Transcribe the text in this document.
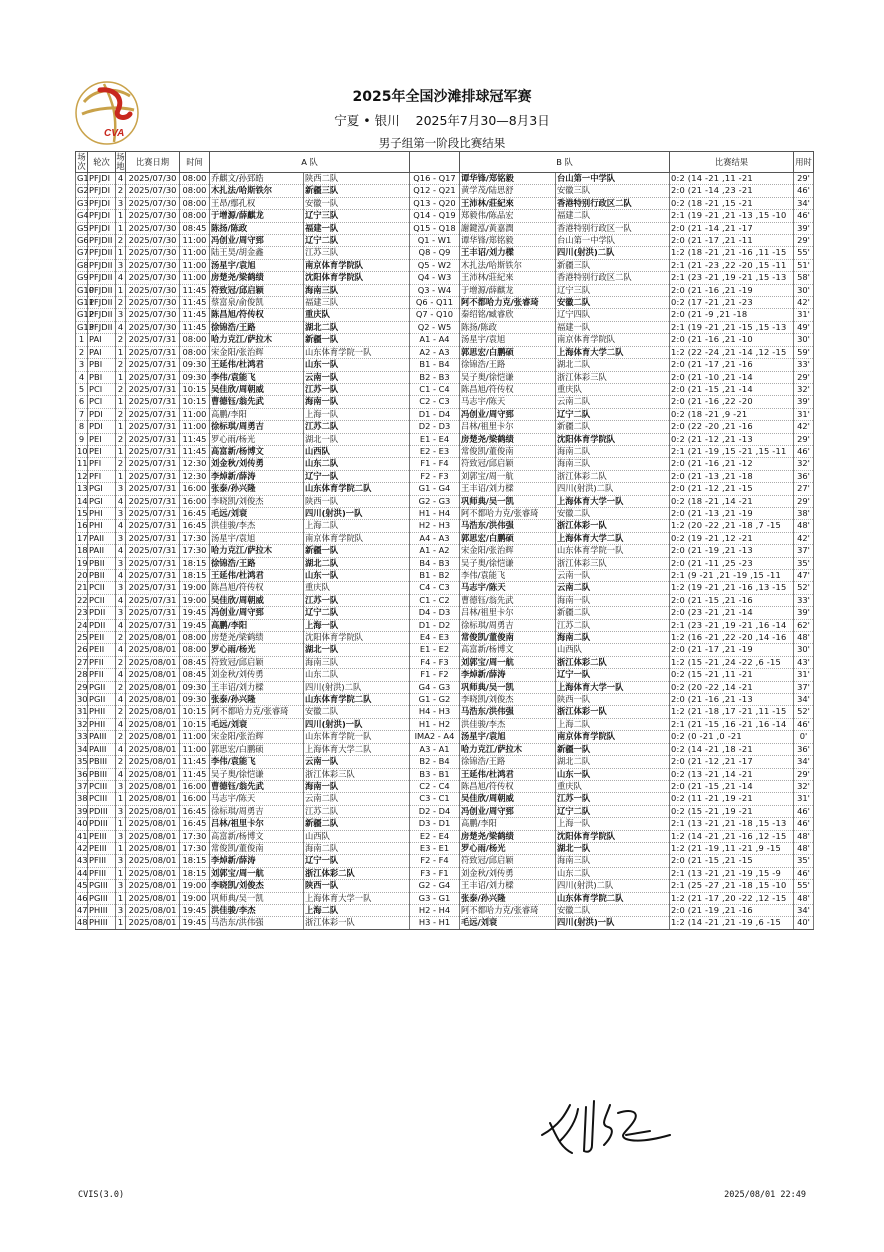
CVA
2025年全国沙滩排球冠军赛
宁夏 • 银川 2025年7月30—8月3日
男子组第一阶段比赛结果
场次	轮次	场地	比赛日期	时间	A 队			B 队		比赛结果	用时
G1	PFJDI	4	2025/07/30	08:00	乔麒文/孙郅皓	陕西二队	Q16 - Q17	谭华锋/郑铭毅	台山第一中学队	0:2 (14 -21 ,11 -21	29'
G2	PFJDI	2	2025/07/30	08:00	木扎法/哈斯铁尔	新疆三队	Q12 - Q21	黄学茂/陆思舒	安徽三队	2:0 (21 -14 ,23 -21	46'
G3	PFJDI	3	2025/07/30	08:00	王昂/鄢孔权	安徽一队	Q13 - Q20	王沛林/莊紀來	香港特别行政区二队	0:2 (18 -21 ,15 -21	34'
G4	PFJDI	1	2025/07/30	08:00	于增源/薛麒龙	辽宁三队	Q14 - Q19	郑毅伟/陈品宏	福建二队	2:1 (19 -21 ,21 -13 ,15 -10	46'
G5	PFJDI	1	2025/07/30	08:45	陈扬/陈政	福建一队	Q15 - Q18	謝鍵泓/黃嘉潤	香港特别行政区一队	2:0 (21 -14 ,21 -17	39'
G6	PFJDII	2	2025/07/30	11:00	冯创业/周守郅	辽宁二队	Q1 - W1	谭华锋/郑铭毅	台山第一中学队	2:0 (21 -17 ,21 -11	29'
G7	PFJDII	1	2025/07/30	11:00	陆王昊/胡金鑫	江苏三队	Q8 - Q9	王丰诏/刘力樑	四川(射洪)二队	1:2 (18 -21 ,21 -16 ,11 -15	55'
G8	PFJDII	3	2025/07/30	11:00	汤星宇/袁旭	南京体育学院队	Q5 - W2	木扎法/哈斯铁尔	新疆三队	2:1 (21 -23 ,22 -20 ,15 -11	51'
G9	PFJDII	4	2025/07/30	11:00	房楚尧/梁鹤绩	沈阳体育学院队	Q4 - W3	王沛林/莊紀來	香港特别行政区二队	2:1 (23 -21 ,19 -21 ,15 -13	58'
G10	PFJDII	1	2025/07/30	11:45	符致冠/邱启颖	海南三队	Q3 - W4	于增源/薛麒龙	辽宁三队	2:0 (21 -16 ,21 -19	30'
G11	PFJDII	2	2025/07/30	11:45	蔡富泉/俞俊凯	福建三队	Q6 - Q11	阿不都哈力克/张睿琦	安徽二队	0:2 (17 -21 ,21 -23	42'
G12	PFJDII	3	2025/07/30	11:45	陈昌旭/符传权	重庆队	Q7 - Q10	秦绍铭/臧睿欣	辽宁四队	2:0 (21 -9 ,21 -18	31'
G13	PFJDII	4	2025/07/30	11:45	徐锦浩/王路	湖北二队	Q2 - W5	陈扬/陈政	福建一队	2:1 (19 -21 ,21 -15 ,15 -13	49'
1	PAI	2	2025/07/31	08:00	哈力克江/萨拉木	新疆一队	A1 - A4	汤星宇/袁旭	南京体育学院队	2:0 (21 -16 ,21 -10	30'
2	PAI	1	2025/07/31	08:00	宋金阳/张治辉	山东体育学院一队	A2 - A3	郭思宏/白鹏硕	上海体育大学二队	1:2 (22 -24 ,21 -14 ,12 -15	59'
3	PBI	2	2025/07/31	09:30	王延伟/杜鸿君	山东一队	B1 - B4	徐锦浩/王路	湖北二队	2:0 (21 -17 ,21 -16	33'
4	PBI	1	2025/07/31	09:30	李伟/袁能飞	云南一队	B2 - B3	吴子奥/徐恺谦	浙江体彩三队	2:0 (21 -10 ,21 -14	29'
5	PCI	2	2025/07/31	10:15	吴佳欣/周朝威	江苏一队	C1 - C4	陈昌旭/符传权	重庆队	2:0 (21 -15 ,21 -14	32'
6	PCI	1	2025/07/31	10:15	曹德钰/翁先武	海南一队	C2 - C3	马志宇/陈天	云南二队	2:0 (21 -16 ,22 -20	39'
7	PDI	2	2025/07/31	11:00	高鹏/李阳	上海一队	D1 - D4	冯创业/周守郅	辽宁二队	0:2 (18 -21 ,9 -21	31'
8	PDI	1	2025/07/31	11:00	徐标琪/周勇吉	江苏二队	D2 - D3	吕林/祖里卡尔	新疆二队	2:0 (22 -20 ,21 -16	42'
9	PEI	2	2025/07/31	11:45	罗心雨/杨光	湖北一队	E1 - E4	房楚尧/梁鹤绩	沈阳体育学院队	0:2 (21 -12 ,21 -13	29'
10	PEI	1	2025/07/31	11:45	高富新/杨博文	山西队	E2 - E3	常俊凯/董俊南	海南二队	2:1 (21 -19 ,15 -21 ,15 -11	46'
11	PFI	2	2025/07/31	12:30	刘金秋/刘传勇	山东二队	F1 - F4	符致冠/邱启颖	海南三队	2:0 (21 -16 ,21 -12	32'
12	PFI	1	2025/07/31	12:30	李焯新/薛涛	辽宁一队	F2 - F3	刘郭宝/周一航	浙江体彩二队	2:0 (21 -13 ,21 -18	36'
13	PGI	3	2025/07/31	16:00	张泰/孙兴隆	山东体育学院二队	G1 - G4	王丰诏/刘力樑	四川(射洪)二队	2:0 (21 -12 ,21 -15	27'
14	PGI	4	2025/07/31	16:00	李晓凯/刘俊杰	陕西一队	G2 - G3	巩师典/吴一凯	上海体育大学一队	0:2 (18 -21 ,14 -21	29'
15	PHI	3	2025/07/31	16:45	毛远/刘衰	四川(射洪)一队	H1 - H4	阿不都哈力克/张睿琦	安徽二队	2:0 (21 -13 ,21 -19	38'
16	PHI	4	2025/07/31	16:45	洪佳骏/李杰	上海二队	H2 - H3	马浩东/洪伟强	浙江体彩一队	1:2 (20 -22 ,21 -18 ,7 -15	48'
17	PAII	3	2025/07/31	17:30	汤星宇/袁旭	南京体育学院队	A4 - A3	郭思宏/白鹏硕	上海体育大学二队	0:2 (19 -21 ,12 -21	42'
18	PAII	4	2025/07/31	17:30	哈力克江/萨拉木	新疆一队	A1 - A2	宋金阳/张治辉	山东体育学院一队	2:0 (21 -19 ,21 -13	37'
19	PBII	3	2025/07/31	18:15	徐锦浩/王路	湖北二队	B4 - B3	吴子奥/徐恺谦	浙江体彩三队	2:0 (21 -11 ,25 -23	35'
20	PBII	4	2025/07/31	18:15	王延伟/杜鸿君	山东一队	B1 - B2	李伟/袁能飞	云南一队	2:1 (9 -21 ,21 -19 ,15 -11	47'
21	PCII	3	2025/07/31	19:00	陈昌旭/符传权	重庆队	C4 - C3	马志宇/陈天	云南二队	1:2 (19 -21 ,21 -16 ,13 -15	52'
22	PCII	4	2025/07/31	19:00	吴佳欣/周朝威	江苏一队	C1 - C2	曹德钰/翁先武	海南一队	2:0 (21 -15 ,21 -16	33'
23	PDII	3	2025/07/31	19:45	冯创业/周守郅	辽宁二队	D4 - D3	吕林/祖里卡尔	新疆二队	2:0 (23 -21 ,21 -14	39'
24	PDII	4	2025/07/31	19:45	高鹏/李阳	上海一队	D1 - D2	徐标琪/周勇吉	江苏二队	2:1 (23 -21 ,19 -21 ,16 -14	62'
25	PEII	2	2025/08/01	08:00	房楚尧/梁鹤绩	沈阳体育学院队	E4 - E3	常俊凯/董俊南	海南二队	1:2 (16 -21 ,22 -20 ,14 -16	48'
26	PEII	4	2025/08/01	08:00	罗心雨/杨光	湖北一队	E1 - E2	高富新/杨博文	山西队	2:0 (21 -17 ,21 -19	30'
27	PFII	2	2025/08/01	08:45	符致冠/邱启颖	海南三队	F4 - F3	刘郭宝/周一航	浙江体彩二队	1:2 (15 -21 ,24 -22 ,6 -15	43'
28	PFII	4	2025/08/01	08:45	刘金秋/刘传勇	山东二队	F1 - F2	李焯新/薛涛	辽宁一队	0:2 (15 -21 ,11 -21	31'
29	PGII	2	2025/08/01	09:30	王丰诏/刘力樑	四川(射洪)二队	G4 - G3	巩师典/吴一凯	上海体育大学一队	0:2 (20 -22 ,14 -21	37'
30	PGII	4	2025/08/01	09:30	张泰/孙兴隆	山东体育学院二队	G1 - G2	李晓凯/刘俊杰	陕西一队	2:0 (21 -16 ,21 -13	34'
31	PHII	2	2025/08/01	10:15	阿不都哈力克/张睿琦	安徽二队	H4 - H3	马浩东/洪伟强	浙江体彩一队	1:2 (21 -18 ,17 -21 ,11 -15	52'
32	PHII	4	2025/08/01	10:15	毛远/刘衰	四川(射洪)一队	H1 - H2	洪佳骏/李杰	上海二队	2:1 (21 -15 ,16 -21 ,16 -14	46'
33	PAIII	2	2025/08/01	11:00	宋金阳/张治辉	山东体育学院一队	IMA2 - A4	汤星宇/袁旭	南京体育学院队	0:2 (0 -21 ,0 -21	0'
34	PAIII	4	2025/08/01	11:00	郭思宏/白鹏硕	上海体育大学二队	A3 - A1	哈力克江/萨拉木	新疆一队	0:2 (14 -21 ,18 -21	36'
35	PBIII	2	2025/08/01	11:45	李伟/袁能飞	云南一队	B2 - B4	徐锦浩/王路	湖北二队	2:0 (21 -12 ,21 -17	34'
36	PBIII	4	2025/08/01	11:45	吴子奥/徐恺谦	浙江体彩三队	B3 - B1	王延伟/杜鸿君	山东一队	0:2 (13 -21 ,14 -21	29'
37	PCIII	3	2025/08/01	16:00	曹德钰/翁先武	海南一队	C2 - C4	陈昌旭/符传权	重庆队	2:0 (21 -15 ,21 -14	32'
38	PCIII	1	2025/08/01	16:00	马志宇/陈天	云南二队	C3 - C1	吴佳欣/周朝威	江苏一队	0:2 (11 -21 ,19 -21	31'
39	PDIII	3	2025/08/01	16:45	徐标琪/周勇吉	江苏二队	D2 - D4	冯创业/周守郅	辽宁二队	0:2 (15 -21 ,19 -21	46'
40	PDIII	1	2025/08/01	16:45	吕林/祖里卡尔	新疆二队	D3 - D1	高鹏/李阳	上海一队	2:1 (13 -21 ,21 -18 ,15 -13	46'
41	PEIII	3	2025/08/01	17:30	高富新/杨博文	山西队	E2 - E4	房楚尧/梁鹤绩	沈阳体育学院队	1:2 (14 -21 ,21 -16 ,12 -15	48'
42	PEIII	1	2025/08/01	17:30	常俊凯/董俊南	海南二队	E3 - E1	罗心雨/杨光	湖北一队	1:2 (21 -19 ,11 -21 ,9 -15	48'
43	PFIII	3	2025/08/01	18:15	李焯新/薛涛	辽宁一队	F2 - F4	符致冠/邱启颖	海南三队	2:0 (21 -15 ,21 -15	35'
44	PFIII	1	2025/08/01	18:15	刘郭宝/周一航	浙江体彩二队	F3 - F1	刘金秋/刘传勇	山东二队	2:1 (13 -21 ,21 -19 ,15 -9	46'
45	PGIII	3	2025/08/01	19:00	李晓凯/刘俊杰	陕西一队	G2 - G4	王丰诏/刘力樑	四川(射洪)二队	2:1 (25 -27 ,21 -18 ,15 -10	55'
46	PGIII	1	2025/08/01	19:00	巩师典/吴一凯	上海体育大学一队	G3 - G1	张泰/孙兴隆	山东体育学院二队	1:2 (21 -17 ,20 -22 ,12 -15	48'
47	PHIII	3	2025/08/01	19:45	洪佳骏/李杰	上海二队	H2 - H4	阿不都哈力克/张睿琦	安徽二队	2:0 (21 -19 ,21 -16	34'
48	PHIII	1	2025/08/01	19:45	马浩东/洪伟强	浙江体彩一队	H3 - H1	毛远/刘衰	四川(射洪)一队	1:2 (14 -21 ,21 -19 ,6 -15	40'
CVIS(3.0)	2025/08/01 22:49
